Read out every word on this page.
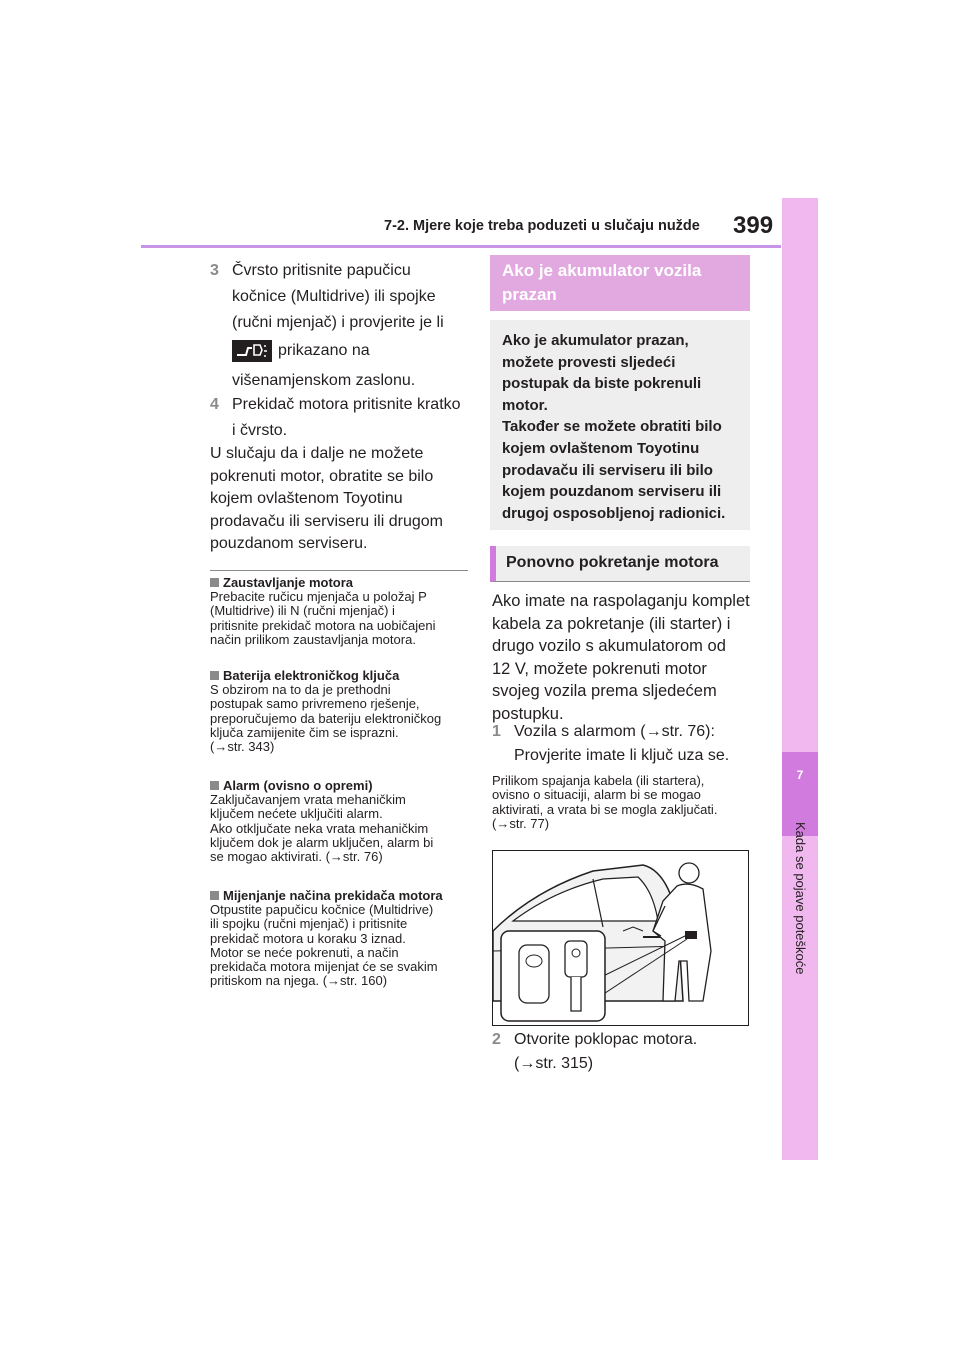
7-2. Mjere koje treba poduzeti u slučaju nužde 399
7
Kada se pojave poteškoće
3 Čvrsto pritisnite papučicu
kočnice (Multidrive) ili spojke
(ručni mjenjač) i provjerite je li
prikazano na
višenamjenskom zaslonu.
4 Prekidač motora pritisnite kratko
i čvrsto.
U slučaju da i dalje ne možete
pokrenuti motor, obratite se bilo
kojem ovlaštenom Toyotinu
prodavaču ili serviseru ili drugom
pouzdanom serviseru.
Zaustavljanje motora
Prebacite ručicu mjenjača u položaj P
(Multidrive) ili N (ručni mjenjač) i
pritisnite prekidač motora na uobičajeni
način prilikom zaustavljanja motora.
Baterija elektroničkog ključa
S obzirom na to da je prethodni
postupak samo privremeno rješenje,
preporučujemo da bateriju elektroničkog
ključa zamijenite čim se isprazni.
(→str. 343)
Alarm (ovisno o opremi)
Zaključavanjem vrata mehaničkim
ključem nećete uključiti alarm.
Ako otključate neka vrata mehaničkim
ključem dok je alarm uključen, alarm bi
se mogao aktivirati. (→str. 76)
Mijenjanje načina prekidača motora
Otpustite papučicu kočnice (Multidrive)
ili spojku (ručni mjenjač) i pritisnite
prekidač motora u koraku 3 iznad.
Motor se neće pokrenuti, a način
prekidača motora mijenjat će se svakim
pritiskom na njega. (→str. 160)
Ako je akumulator vozila
prazan
Ako je akumulator prazan,
možete provesti sljedeći
postupak da biste pokrenuli
motor.
Također se možete obratiti bilo
kojem ovlaštenom Toyotinu
prodavaču ili serviseru ili bilo
kojem pouzdanom serviseru ili
drugoj osposobljenoj radionici.
Ponovno pokretanje motora
Ako imate na raspolaganju komplet
kabela za pokretanje (ili starter) i
drugo vozilo s akumulatorom od
12 V, možete pokrenuti motor
svojeg vozila prema sljedećem
postupku.
1 Vozila s alarmom (→str. 76):
Provjerite imate li ključ uza se.
Prilikom spajanja kabela (ili startera),
ovisno o situaciji, alarm bi se mogao
aktivirati, a vrata bi se mogla zaključati.
(→str. 77)
2 Otvorite poklopac motora.
(→str. 315)
